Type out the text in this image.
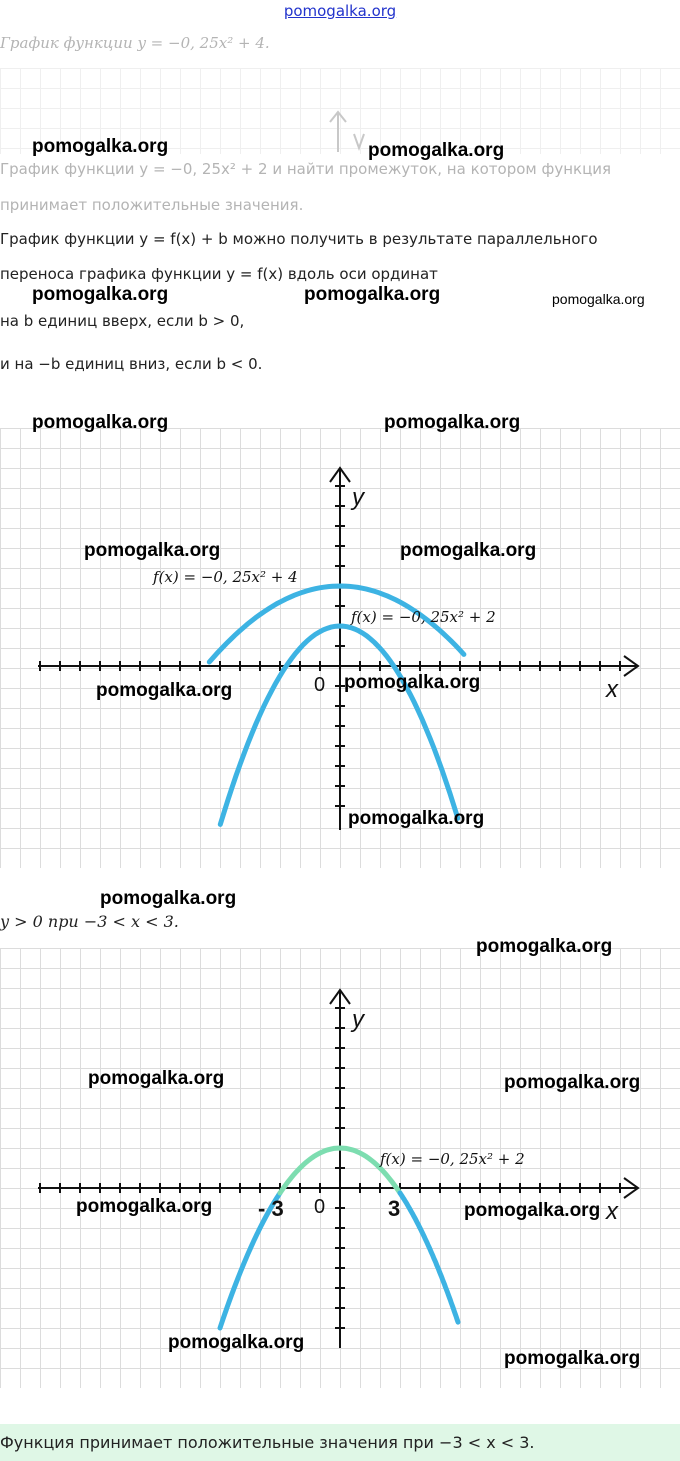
pomogalka.org
График функции y = −0, 25x² + 4.
График функции y = −0, 25x² + 2 и найти промежуток, на котором функция
принимает положительные значения.
График функции y = f(x) + b можно получить в результате параллельного
переноса графика функции y = f(x) вдоль оси ординат
на b единиц вверх, если b > 0,
и на −b единиц вниз, если b < 0.
y
x
0
f(x) = −0, 25x² + 4
f(x) = −0, 25x² + 2
y > 0 при −3 < x < 3.
y
x
0
- 3	3
f(x) = −0, 25x² + 2
Функция принимает положительные значения при −3 < x < 3.
pomogalka.org	pomogalka.org
pomogalka.org	pomogalka.org	pomogalka.org
pomogalka.org	pomogalka.org
pomogalka.org	pomogalka.org
pomogalka.org	pomogalka.org
pomogalka.org
pomogalka.org
pomogalka.org
pomogalka.org	pomogalka.org
pomogalka.org	pomogalka.org
pomogalka.org
pomogalka.org
